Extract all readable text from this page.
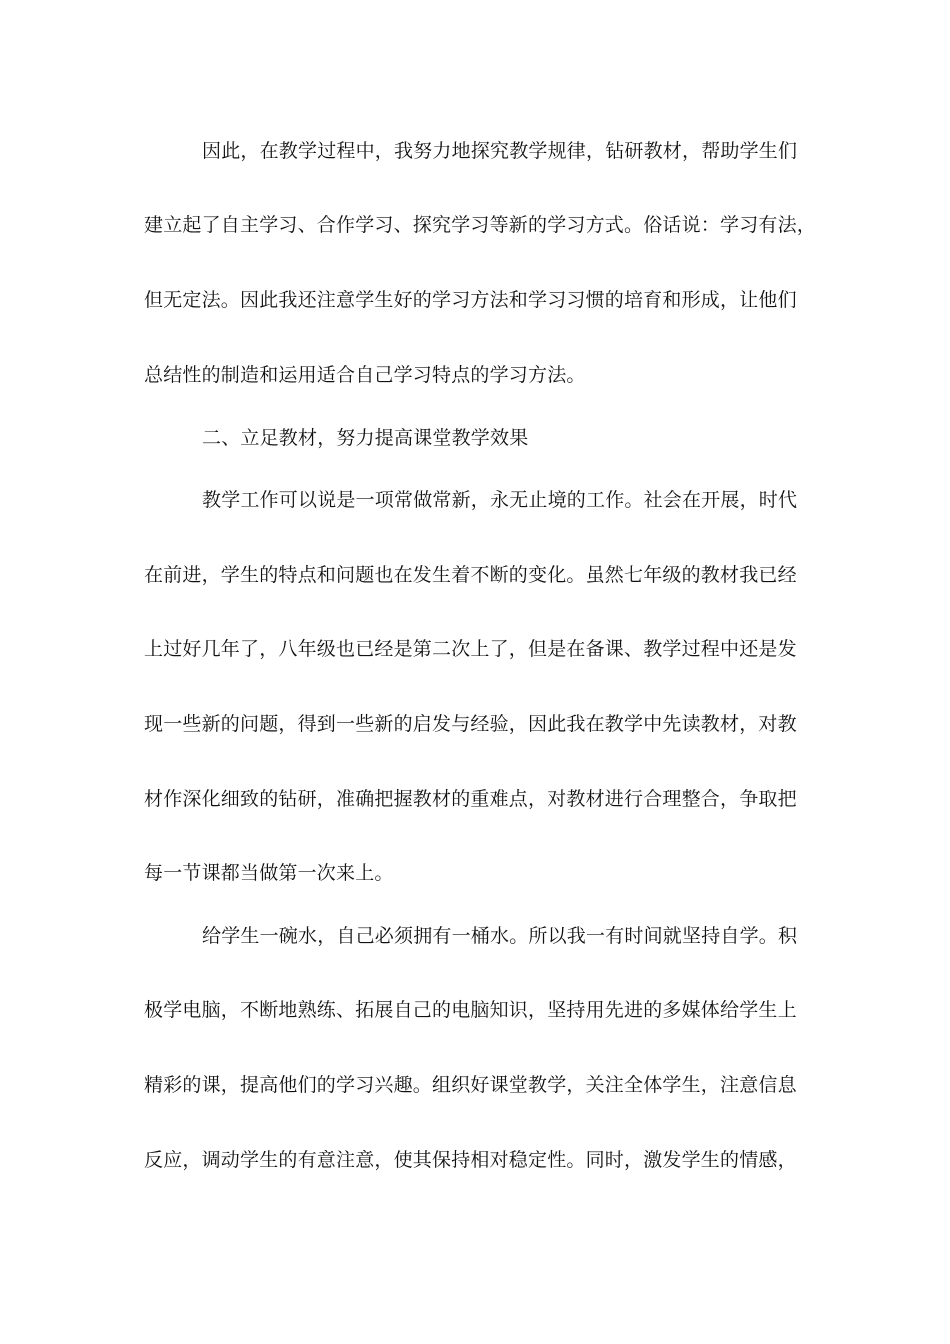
因此，在教学过程中，我努力地探究教学规律，钻研教材，帮助学生们
建立起了自主学习、合作学习、探究学习等新的学习方式。俗话说：学习有法，
但无定法。因此我还注意学生好的学习方法和学习习惯的培育和形成，让他们
总结性的制造和运用适合自己学习特点的学习方法。
二、立足教材，努力提高课堂教学效果
教学工作可以说是一项常做常新，永无止境的工作。社会在开展，时代
在前进，学生的特点和问题也在发生着不断的变化。虽然七年级的教材我已经
上过好几年了，八年级也已经是第二次上了，但是在备课、教学过程中还是发
现一些新的问题，得到一些新的启发与经验，因此我在教学中先读教材，对教
材作深化细致的钻研，准确把握教材的重难点，对教材进行合理整合，争取把
每一节课都当做第一次来上。
给学生一碗水，自己必须拥有一桶水。所以我一有时间就坚持自学。积
极学电脑，不断地熟练、拓展自己的电脑知识，坚持用先进的多媒体给学生上
精彩的课，提高他们的学习兴趣。组织好课堂教学，关注全体学生，注意信息
反应，调动学生的有意注意，使其保持相对稳定性。同时，激发学生的情感，
